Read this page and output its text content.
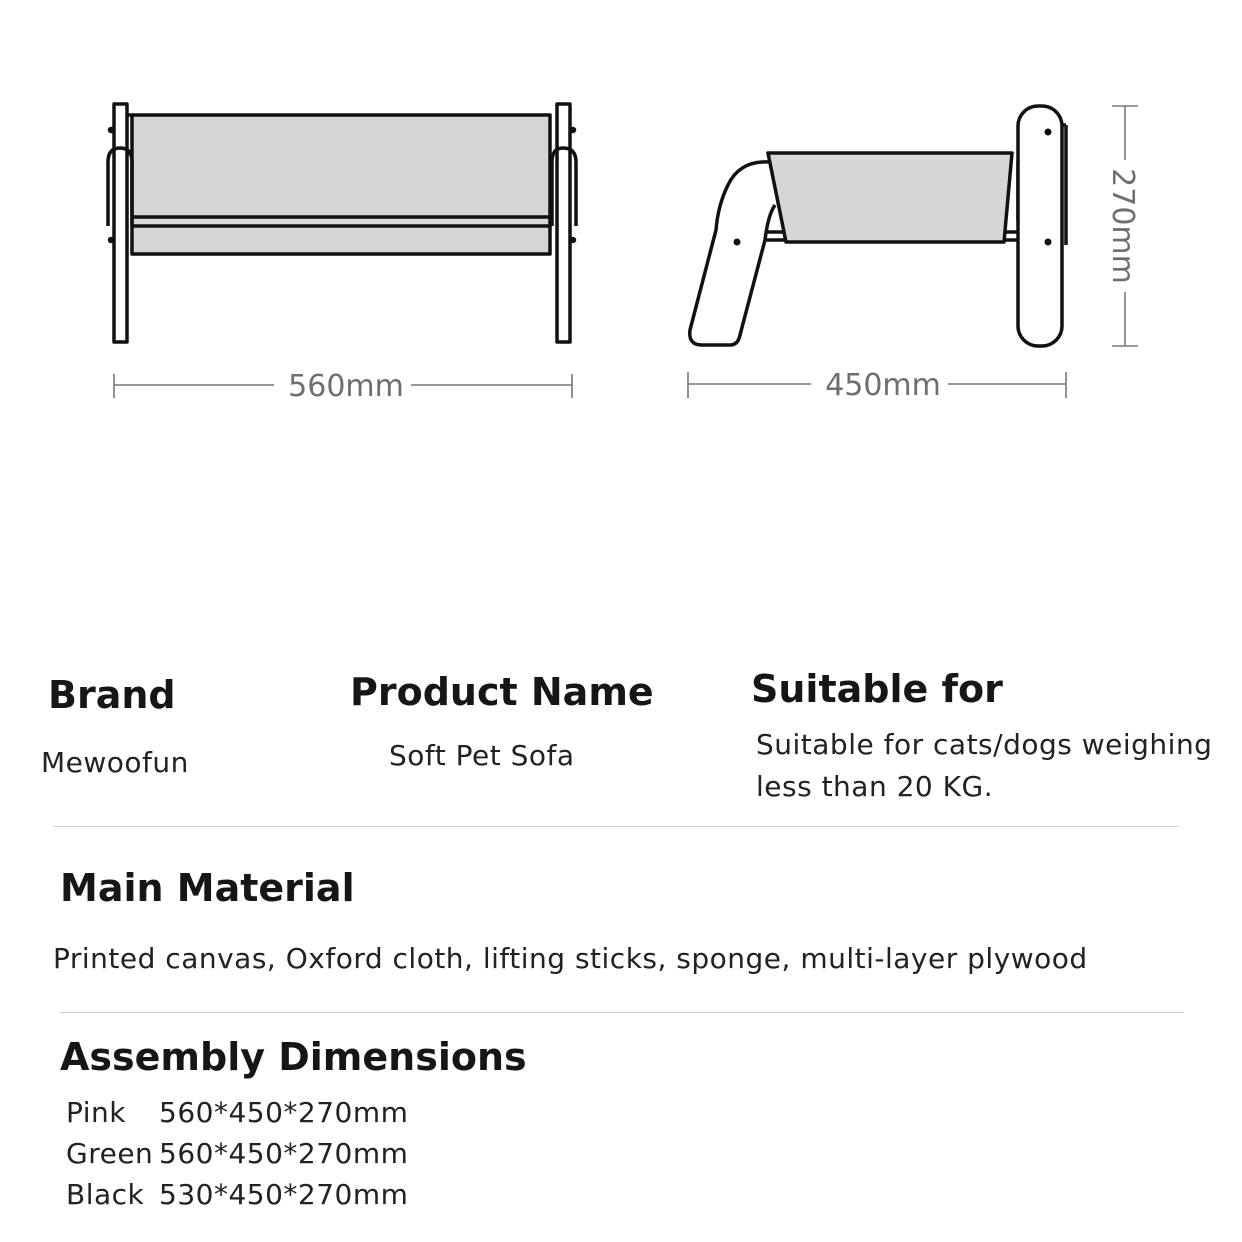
560mm	450mm
270mm
Brand
Mewoofun
Product Name
Soft Pet Sofa
Suitable for
Suitable for cats/dogs weighing
less than 20 KG.
Main Material
Printed canvas, Oxford cloth, lifting sticks, sponge, multi-layer plywood
Assembly Dimensions
Pink 560*450*270mm
Green 560*450*270mm
Black 530*450*270mm
